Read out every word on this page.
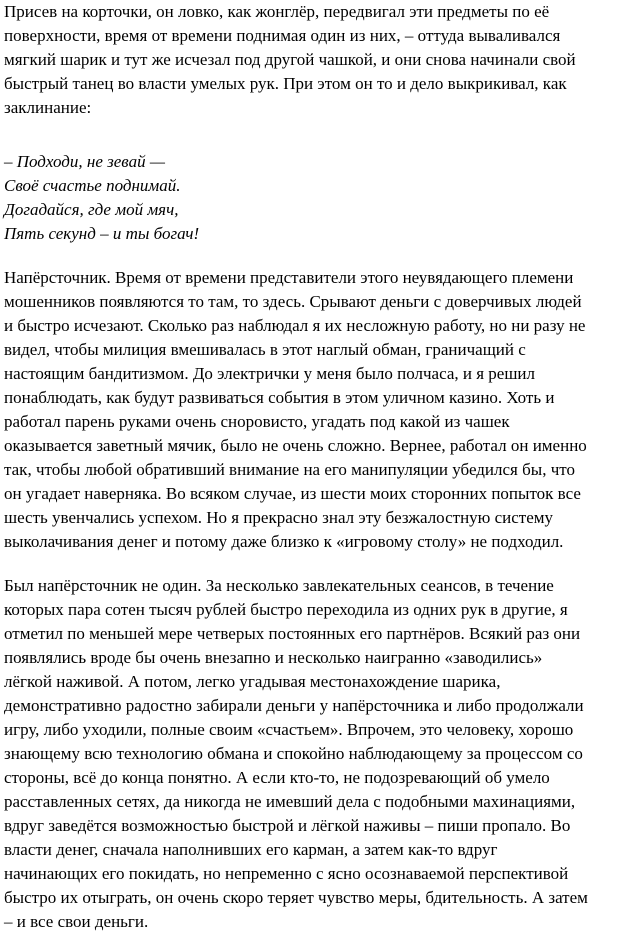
Присев на корточки, он ловко, как жонглёр, передвигал эти предметы по её
поверхности, время от времени поднимая один из них, – оттуда вываливался
мягкий шарик и тут же исчезал под другой чашкой, и они снова начинали свой
быстрый танец во власти умелых рук. При этом он то и дело выкрикивал, как
заклинание:
– Подходи, не зевай —
Своё счастье поднимай.
Догадайся, где мой мяч,
Пять секунд – и ты богач!
Напёрсточник. Время от времени представители этого неувядающего племени
мошенников появляются то там, то здесь. Срывают деньги с доверчивых людей
и быстро исчезают. Сколько раз наблюдал я их несложную работу, но ни разу не
видел, чтобы милиция вмешивалась в этот наглый обман, граничащий с
настоящим бандитизмом. До электрички у меня было полчаса, и я решил
понаблюдать, как будут развиваться события в этом уличном казино. Хоть и
работал парень руками очень сноровисто, угадать под какой из чашек
оказывается заветный мячик, было не очень сложно. Вернее, работал он именно
так, чтобы любой обративший внимание на его манипуляции убедился бы, что
он угадает наверняка. Во всяком случае, из шести моих сторонних попыток все
шесть увенчались успехом. Но я прекрасно знал эту безжалостную систему
выколачивания денег и потому даже близко к «игровому столу» не подходил.
Был напёрсточник не один. За несколько завлекательных сеансов, в течение
которых пара сотен тысяч рублей быстро переходила из одних рук в другие, я
отметил по меньшей мере четверых постоянных его партнёров. Всякий раз они
появлялись вроде бы очень внезапно и несколько наигранно «заводились»
лёгкой наживой. А потом, легко угадывая местонахождение шарика,
демонстративно радостно забирали деньги у напёрсточника и либо продолжали
игру, либо уходили, полные своим «счастьем». Впрочем, это человеку, хорошо
знающему всю технологию обмана и спокойно наблюдающему за процессом со
стороны, всё до конца понятно. А если кто-то, не подозревающий об умело
расставленных сетях, да никогда не имевший дела с подобными махинациями,
вдруг заведётся возможностью быстрой и лёгкой наживы – пиши пропало. Во
власти денег, сначала наполнивших его карман, а затем как-то вдруг
начинающих его покидать, но непременно с ясно осознаваемой перспективой
быстро их отыграть, он очень скоро теряет чувство меры, бдительность. А затем
– и все свои деньги.
